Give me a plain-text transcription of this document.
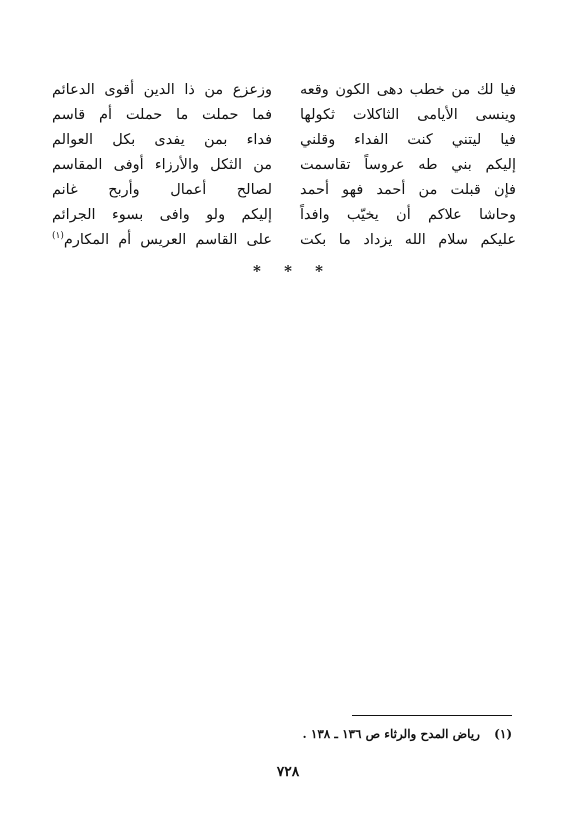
فيا لك من خطب دهى الكون وقعه
وزعزع من ذا الدين أقوى الدعائم
وينسى الأيامى الثاكلات ثكولها
فما حملت ما حملت أم قاسم
فيا ليتني كنت الفداء وقلني
فداء بمن يفدى بكل العوالم
إليكم بني طه عروساً تقاسمت
من الثكل والأرزاء أوفى المقاسم
فإن قبلت من أحمد فهو أحمد
لصالح أعمال وأربح غانم
وحاشا علاكم أن يخيّب وافداً
إليكم ولو وافى بسوء الجرائم
عليكم سلام الله يزداد ما بكت
على القاسم العريس أم المكارم$^{(١)}$
* * *
(١) رياض المدح والرثاء ص ١٣٦ ـ ١٣٨ .
٧٢٨
